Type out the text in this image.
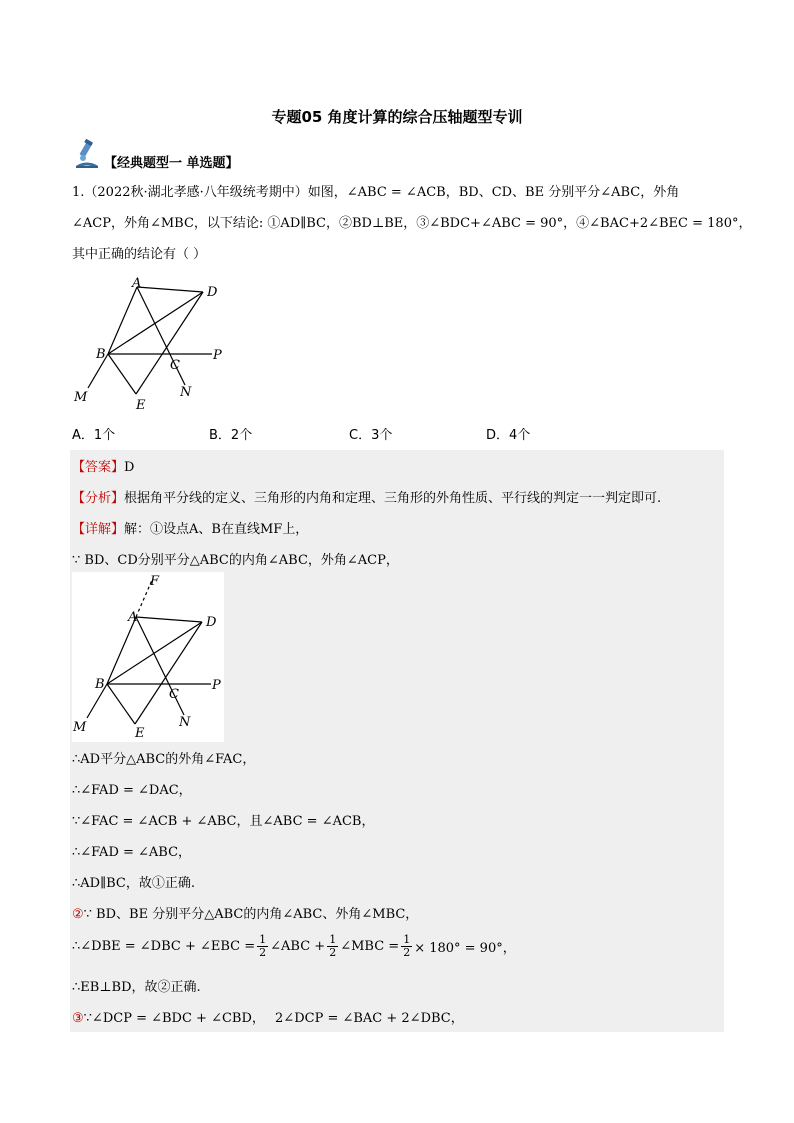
专题05 角度计算的综合压轴题型专训
【经典题型一 单选题】
1.（2022秋·湖北孝感·八年级统考期中）如图，∠ABC = ∠ACB，BD、CD、BE 分别平分∠ABC，外角
∠ACP，外角∠MBC，以下结论: ①AD∥BC，②BD⊥BE，③∠BDC+∠ABC = 90°，④∠BAC+2∠BEC = 180°，
其中正确的结论有（ ）
A
D
B
C
P
M
E
N
A．1个	B．2个	C．3个	D．4个
【答案】D
【分析】根据角平分线的定义、三角形的内角和定理、三角形的外角性质、平行线的判定一一判定即可.
【详解】解：①设点A、B在直线MF上，
∵ BD、CD分别平分△ABC的内角∠ABC，外角∠ACP，
F
A	D
B
C
P
M	E
N
∴AD平分△ABC的外角∠FAC，
∴∠FAD = ∠DAC，
∵∠FAC = ∠ACB + ∠ABC，且∠ABC = ∠ACB，
∴∠FAD = ∠ABC，
∴AD∥BC，故①正确.
②∵ BD、BE 分别平分△ABC的内角∠ABC、外角∠MBC，
∴∠DBE = ∠DBC + ∠EBC = $\frac{1}{2}$ ∠ABC + $\frac{1}{2}$ ∠MBC = $\frac{1}{2} \times 180^\circ = 90^\circ$，
∴EB⊥BD，故②正确.
③∵∠DCP = ∠BDC + ∠CBD， 2∠DCP = ∠BAC + 2∠DBC，
